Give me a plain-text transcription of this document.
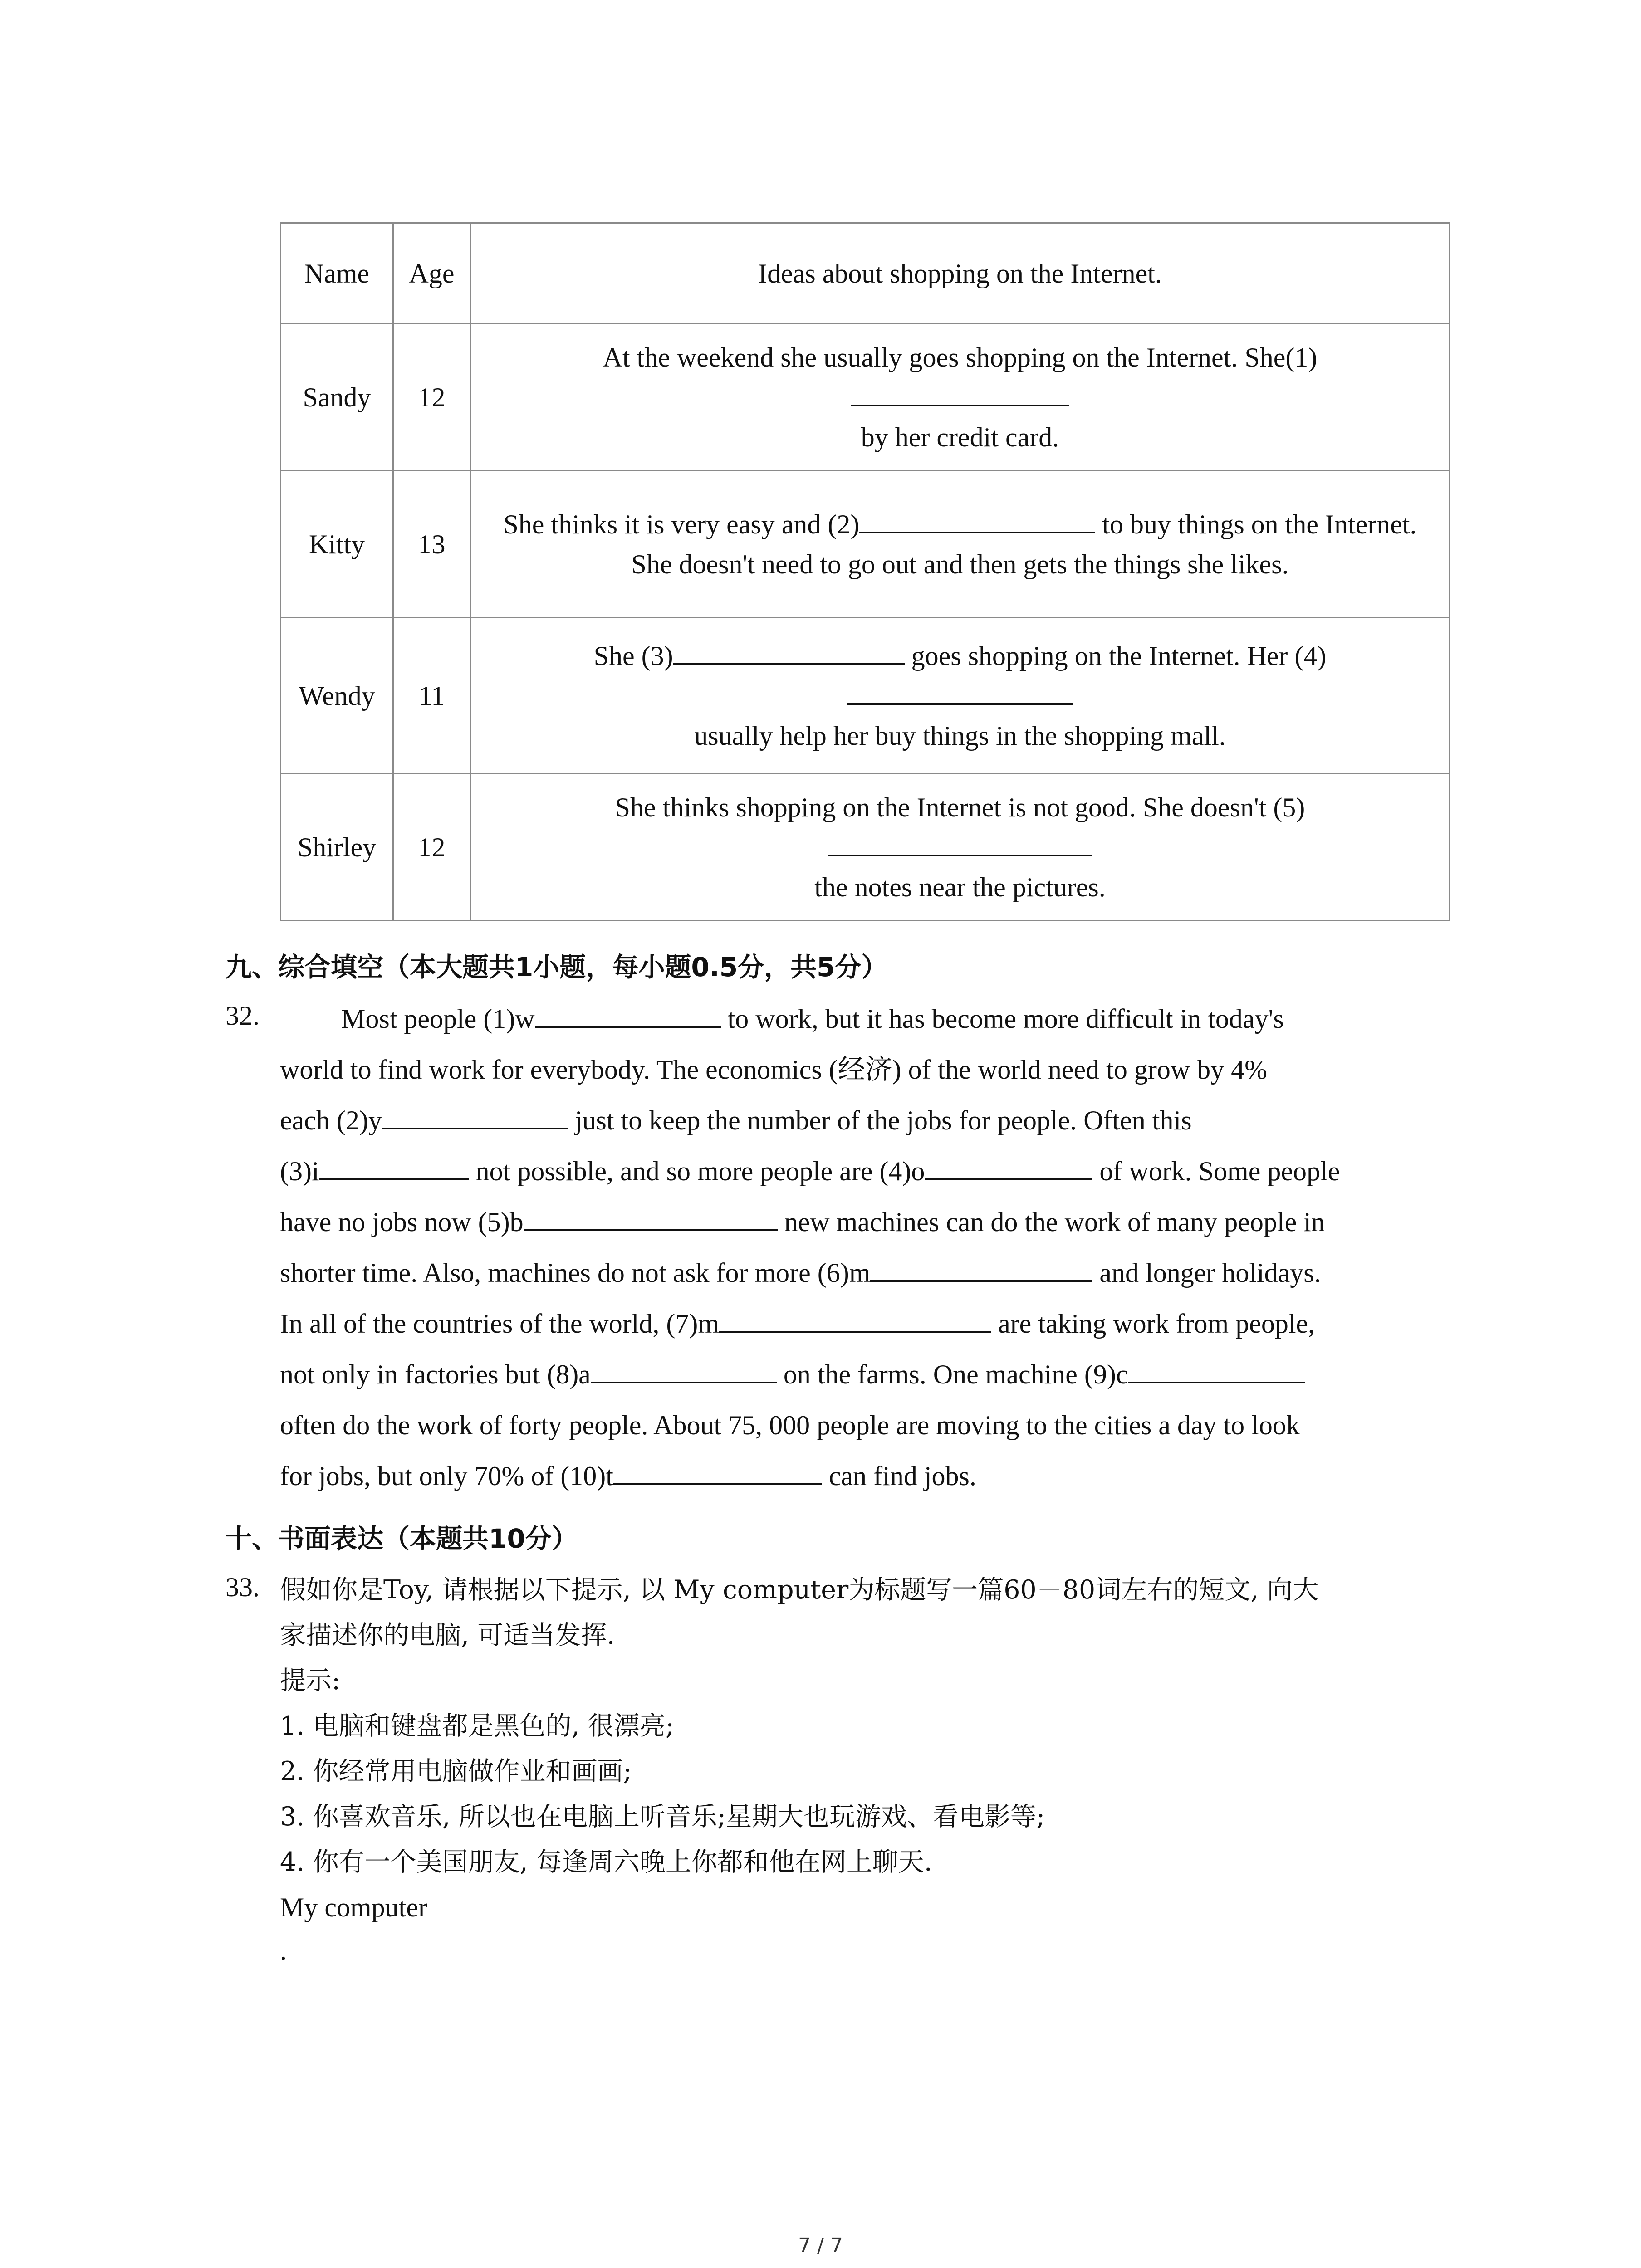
Name	Age	Ideas about shopping on the Internet.
Sandy	12	At the weekend she usually goes shopping on the Internet. She(1)
by her credit card.

Kitty	13	She thinks it is very easy and (2) to buy things on the Internet.
She doesn't need to go out and then gets the things she likes.

Wendy	11	She (3) goes shopping on the Internet. Her (4)
usually help her buy things in the shopping mall.

Shirley	12	She thinks shopping on the Internet is not good. She doesn't (5)
the notes near the pictures.
九、综合填空（本大题共1小题，每小题0.5分，共5分）
32.	Most people (1)w	to work, but it has become more difficult in today's
world to find work for everybody. The economics (经济) of the world need to grow by 4%
each (2)y	just to keep the number of the jobs for people. Often this
(3)i	not possible, and so more people are (4)o	of work. Some people
have no jobs now (5)b	new machines can do the work of many people in
shorter time. Also, machines do not ask for more (6)m	and longer holidays.
In all of the countries of the world, (7)m	are taking work from people,
not only in factories but (8)a	on the farms. One machine (9)c
often do the work of forty people. About 75, 000 people are moving to the cities a day to look
for jobs, but only 70% of (10)t	can find jobs.
十、书面表达（本题共10分）
33. 假如你是Toy, 请根据以下提示, 以 My computer为标题写一篇60－80词左右的短文, 向大
家描述你的电脑, 可适当发挥.
提示:
1. 电脑和键盘都是黑色的, 很漂亮;
2. 你经常用电脑做作业和画画;
3. 你喜欢音乐, 所以也在电脑上听音乐;星期大也玩游戏、看电影等;
4. 你有一个美国朋友, 每逢周六晚上你都和他在网上聊天.
My computer
.
7 / 7
